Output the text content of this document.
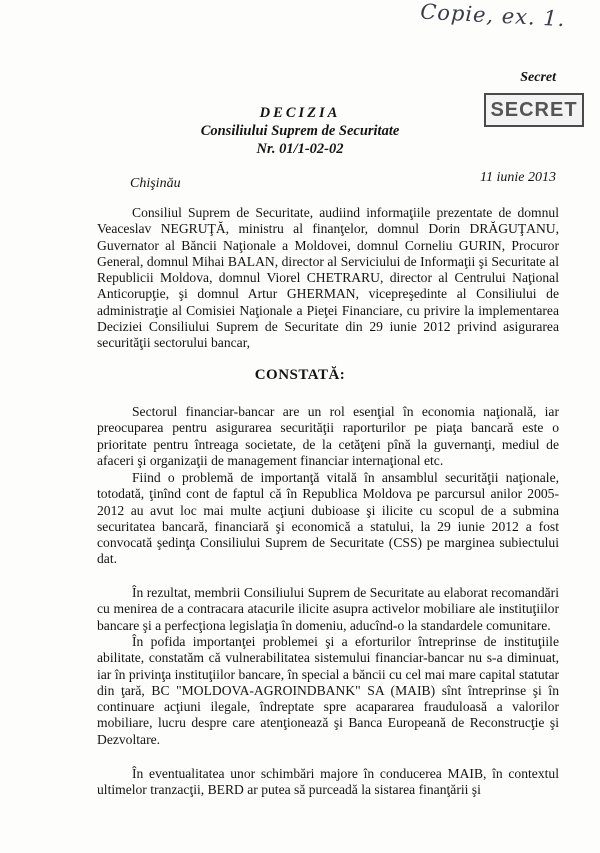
Copie, ex. 1.
Secret
SECRET
DECIZIA
Consiliului Suprem de Securitate
Nr. 01/1-02-02
Chişinău	11 iunie 2013

Consiliul Suprem de Securitate, audiind informaţiile prezentate de domnul Veaceslav NEGRUŢĂ, ministru al finanţelor, domnul Dorin DRĂGUŢANU, Guvernator al Băncii Naţionale a Moldovei, domnul Corneliu GURIN, Procuror General, domnul Mihai BALAN, director al Serviciului de Informaţii şi Securitate al Republicii Moldova, domnul Viorel CHETRARU, director al Centrului Naţional Anticorupţie, şi domnul Artur GHERMAN, vicepreşedinte al Consiliului de administraţie al Comisiei Naţionale a Pieţei Financiare, cu privire la implementarea Deciziei Consiliului Suprem de Securitate din 29 iunie 2012 privind asigurarea securităţii sectorului bancar,

CONSTATĂ:

Sectorul financiar-bancar are un rol esenţial în economia naţională, iar preocuparea pentru asigurarea securităţii raporturilor pe piaţa bancară este o prioritate pentru întreaga societate, de la cetăţeni pînă la guvernanţi, mediul de afaceri şi organizaţii de management financiar internaţional etc.

Fiind o problemă de importanţă vitală în ansamblul securităţii naţionale, totodată, ţinînd cont de faptul că în Republica Moldova pe parcursul anilor 2005-2012 au avut loc mai multe acţiuni dubioase şi ilicite cu scopul de a submina securitatea bancară, financiară şi economică a statului, la 29 iunie 2012 a fost convocată şedinţa Consiliului Suprem de Securitate (CSS) pe marginea subiectului dat.

În rezultat, membrii Consiliului Suprem de Securitate au elaborat recomandări cu menirea de a contracara atacurile ilicite asupra activelor mobiliare ale instituţiilor bancare şi a perfecţiona legislaţia în domeniu, aducînd-o la standardele comunitare.

În pofida importanţei problemei şi a eforturilor întreprinse de instituţiile abilitate, constatăm că vulnerabilitatea sistemului financiar-bancar nu s-a diminuat, iar în privinţa instituţiilor bancare, în special a băncii cu cel mai mare capital statutar din ţară, BC "MOLDOVA-AGROINDBANK" SA (MAIB) sînt întreprinse şi în continuare acţiuni ilegale, îndreptate spre acapararea frauduloasă a valorilor mobiliare, lucru despre care atenţionează şi Banca Europeană de Reconstrucţie şi Dezvoltare.

În eventualitatea unor schimbări majore în conducerea MAIB, în contextul ultimelor tranzacţii, BERD ar putea să purceadă la sistarea finanţării şi
